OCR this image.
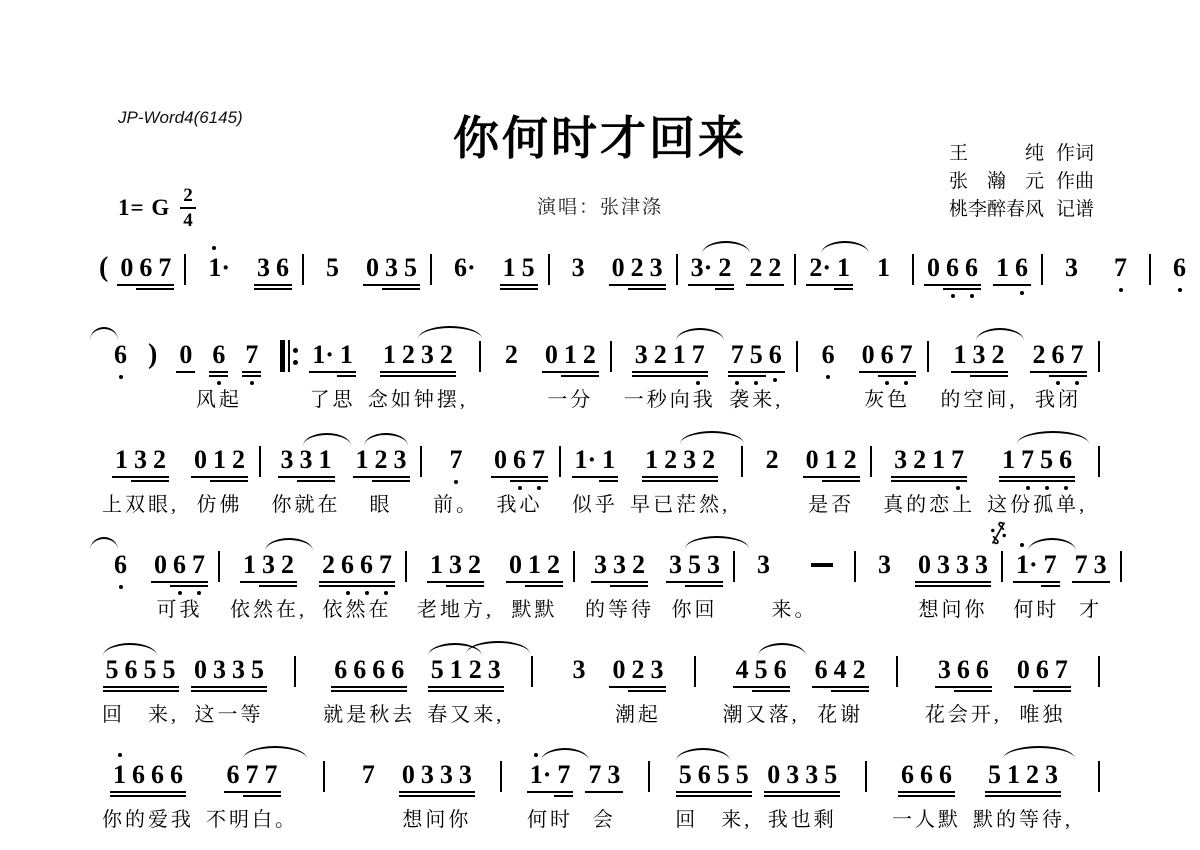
JP-Word4(6145)	你何时才回来
演唱：张津涤
1= G $\frac{2}{4}$
王　　　纯 作词
张　瀚　元 作曲
桃李醉春风 记谱
( 0 6 7 1· 3 6 5 0 3 5 6· 1 5 3 0 2 3 3· 2 2 2 2· 1 1 0 6 6 1 6 3 7 6
6 ) 0 6 7
风起
1· 1
了思
1 2 3 2
念如钟摆,
2 0 1 2
一分
3 2 1 7
一秒向我
7 5 6
袭来,
6 0 6 7
灰色
1 3 2
的空间,
2 6 7
我闭
1 3 2
上双眼,
0 1 2
仿佛
3 3 1
你就在
1 2 3
眼
7
前。
0 6 7
我心
1· 1
似乎
1 2 3 2
早已茫然,
2 0 1 2
是否
3 2 1 7
真的恋上
1 7 5 6
这份孤单,
6 0 6 7
可我
1 3 2
依然在,
2 6 6 7
依然在
1 3 2
老地方,
0 1 2
默默
3 3 2
的等待
3 5 3
你回
3
来。
3 0 3 3 3
想问你
1· 7
何时
7 3
才
5 6 5 5
回　来,
0 3 3 5
这一等
6 6 6 6
就是秋去
5 1 2 3
春又来,
3 0 2 3
潮起
4 5 6
潮又落,
6 4 2
花谢
3 6 6
花会开,
0 6 7
唯独
1 6 6 6
你的爱我
6 7 7
不明白。
7 0 3 3 3
想问你
1· 7
何时
7 3
会
5 6 5 5
回　来,
0 3 3 5
我也剩
6 6 6
一人默
5 1 2 3
默的等待,
